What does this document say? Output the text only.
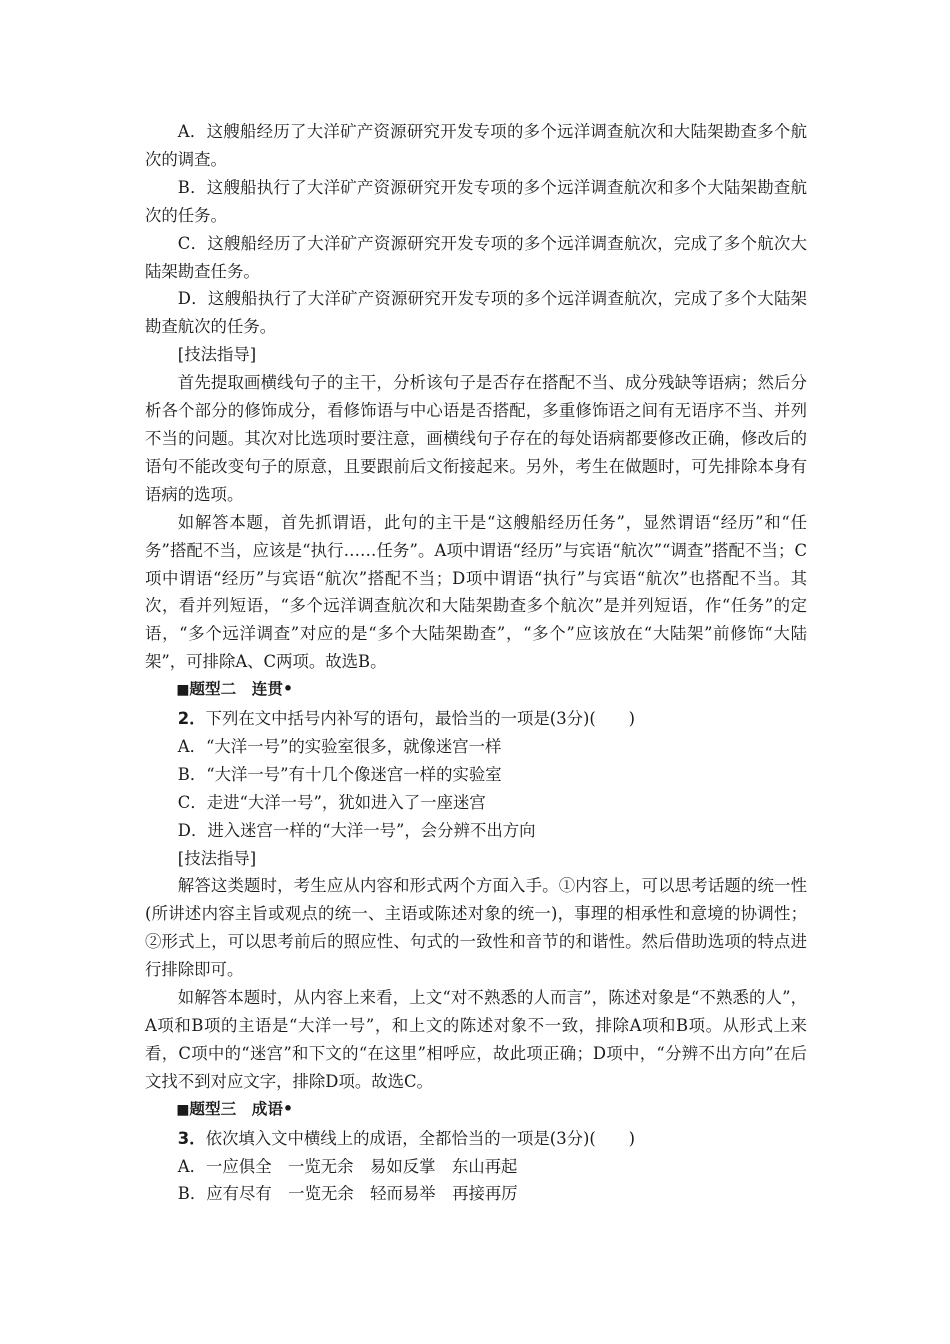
A．这艘船经历了大洋矿产资源研究开发专项的多个远洋调查航次和大陆架勘查多个航次的调查。

B．这艘船执行了大洋矿产资源研究开发专项的多个远洋调查航次和多个大陆架勘查航次的任务。

C．这艘船经历了大洋矿产资源研究开发专项的多个远洋调查航次，完成了多个航次大陆架勘查任务。

D．这艘船执行了大洋矿产资源研究开发专项的多个远洋调查航次，完成了多个大陆架勘查航次的任务。

[技法指导]

首先提取画横线句子的主干，分析该句子是否存在搭配不当、成分残缺等语病；然后分析各个部分的修饰成分，看修饰语与中心语是否搭配，多重修饰语之间有无语序不当、并列不当的问题。其次对比选项时要注意，画横线句子存在的每处语病都要修改正确，修改后的语句不能改变句子的原意，且要跟前后文衔接起来。另外，考生在做题时，可先排除本身有语病的选项。

如解答本题，首先抓谓语，此句的主干是“这艘船经历任务”，显然谓语“经历”和“任务”搭配不当，应该是“执行……任务”。A项中谓语“经历”与宾语“航次”“调查”搭配不当；C项中谓语“经历”与宾语“航次”搭配不当；D项中谓语“执行”与宾语“航次”也搭配不当。其次，看并列短语，“多个远洋调查航次和大陆架勘查多个航次”是并列短语，作“任务”的定语，“多个远洋调查”对应的是“多个大陆架勘查”，“多个”应该放在“大陆架”前修饰“大陆架”，可排除A、C两项。故选B。

■题型二　连贯•

2．下列在文中括号内补写的语句，最恰当的一项是(3分)(　　)

A．“大洋一号”的实验室很多，就像迷宫一样

B．“大洋一号”有十几个像迷宫一样的实验室

C．走进“大洋一号”，犹如进入了一座迷宫

D．进入迷宫一样的“大洋一号”，会分辨不出方向

[技法指导]

解答这类题时，考生应从内容和形式两个方面入手。①内容上，可以思考话题的统一性(所讲述内容主旨或观点的统一、主语或陈述对象的统一)，事理的相承性和意境的协调性；②形式上，可以思考前后的照应性、句式的一致性和音节的和谐性。然后借助选项的特点进行排除即可。

如解答本题时，从内容上来看，上文“对不熟悉的人而言”，陈述对象是“不熟悉的人”，A项和B项的主语是“大洋一号”，和上文的陈述对象不一致，排除A项和B项。从形式上来看，C项中的“迷宫”和下文的“在这里”相呼应，故此项正确；D项中，“分辨不出方向”在后文找不到对应文字，排除D项。故选C。

■题型三　成语•

3．依次填入文中横线上的成语，全都恰当的一项是(3分)(　　)

A．一应俱全　一览无余　易如反掌　东山再起

B．应有尽有　一览无余　轻而易举　再接再厉
